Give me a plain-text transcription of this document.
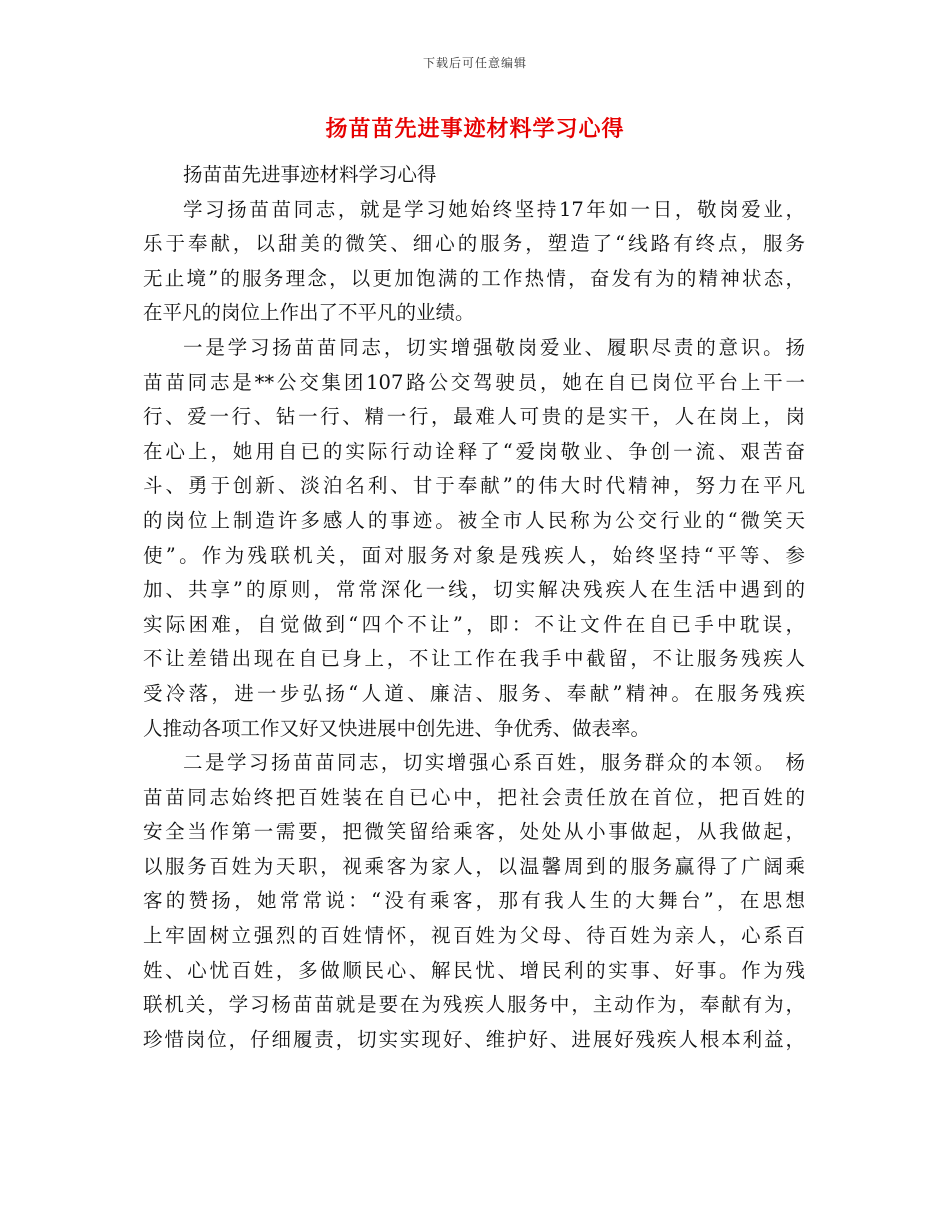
下载后可任意编辑
扬苗苗先进事迹材料学习心得
扬苗苗先进事迹材料学习心得
学习扬苗苗同志，就是学习她始终坚持17年如一日，敬岗爱业，
乐于奉献，以甜美的微笑、细心的服务，塑造了“线路有终点，服务
无止境”的服务理念，以更加饱满的工作热情，奋发有为的精神状态，
在平凡的岗位上作出了不平凡的业绩。
一是学习扬苗苗同志，切实增强敬岗爱业、履职尽责的意识。扬
苗苗同志是**公交集团107路公交驾驶员，她在自已岗位平台上干一
行、爱一行、钻一行、精一行，最难人可贵的是实干，人在岗上，岗
在心上，她用自已的实际行动诠释了“爱岗敬业、争创一流、艰苦奋
斗、勇于创新、淡泊名利、甘于奉献”的伟大时代精神，努力在平凡
的岗位上制造许多感人的事迹。被全市人民称为公交行业的“微笑天
使”。作为残联机关，面对服务对象是残疾人，始终坚持“平等、参
加、共享”的原则，常常深化一线，切实解决残疾人在生活中遇到的
实际困难，自觉做到“四个不让”，即：不让文件在自已手中耽误，
不让差错出现在自已身上，不让工作在我手中截留，不让服务残疾人
受冷落，进一步弘扬“人道、廉洁、服务、奉献”精神。在服务残疾
人推动各项工作又好又快进展中创先进、争优秀、做表率。
二是学习扬苗苗同志，切实增强心系百姓，服务群众的本领。 杨
苗苗同志始终把百姓装在自已心中，把社会责任放在首位，把百姓的
安全当作第一需要，把微笑留给乘客，处处从小事做起，从我做起，
以服务百姓为天职，视乘客为家人，以温馨周到的服务赢得了广阔乘
客的赞扬，她常常说：“没有乘客，那有我人生的大舞台”，在思想
上牢固树立强烈的百姓情怀，视百姓为父母、待百姓为亲人，心系百
姓、心忧百姓，多做顺民心、解民忧、增民利的实事、好事。作为残
联机关，学习杨苗苗就是要在为残疾人服务中，主动作为，奉献有为，
珍惜岗位，仔细履责，切实实现好、维护好、进展好残疾人根本利益，
